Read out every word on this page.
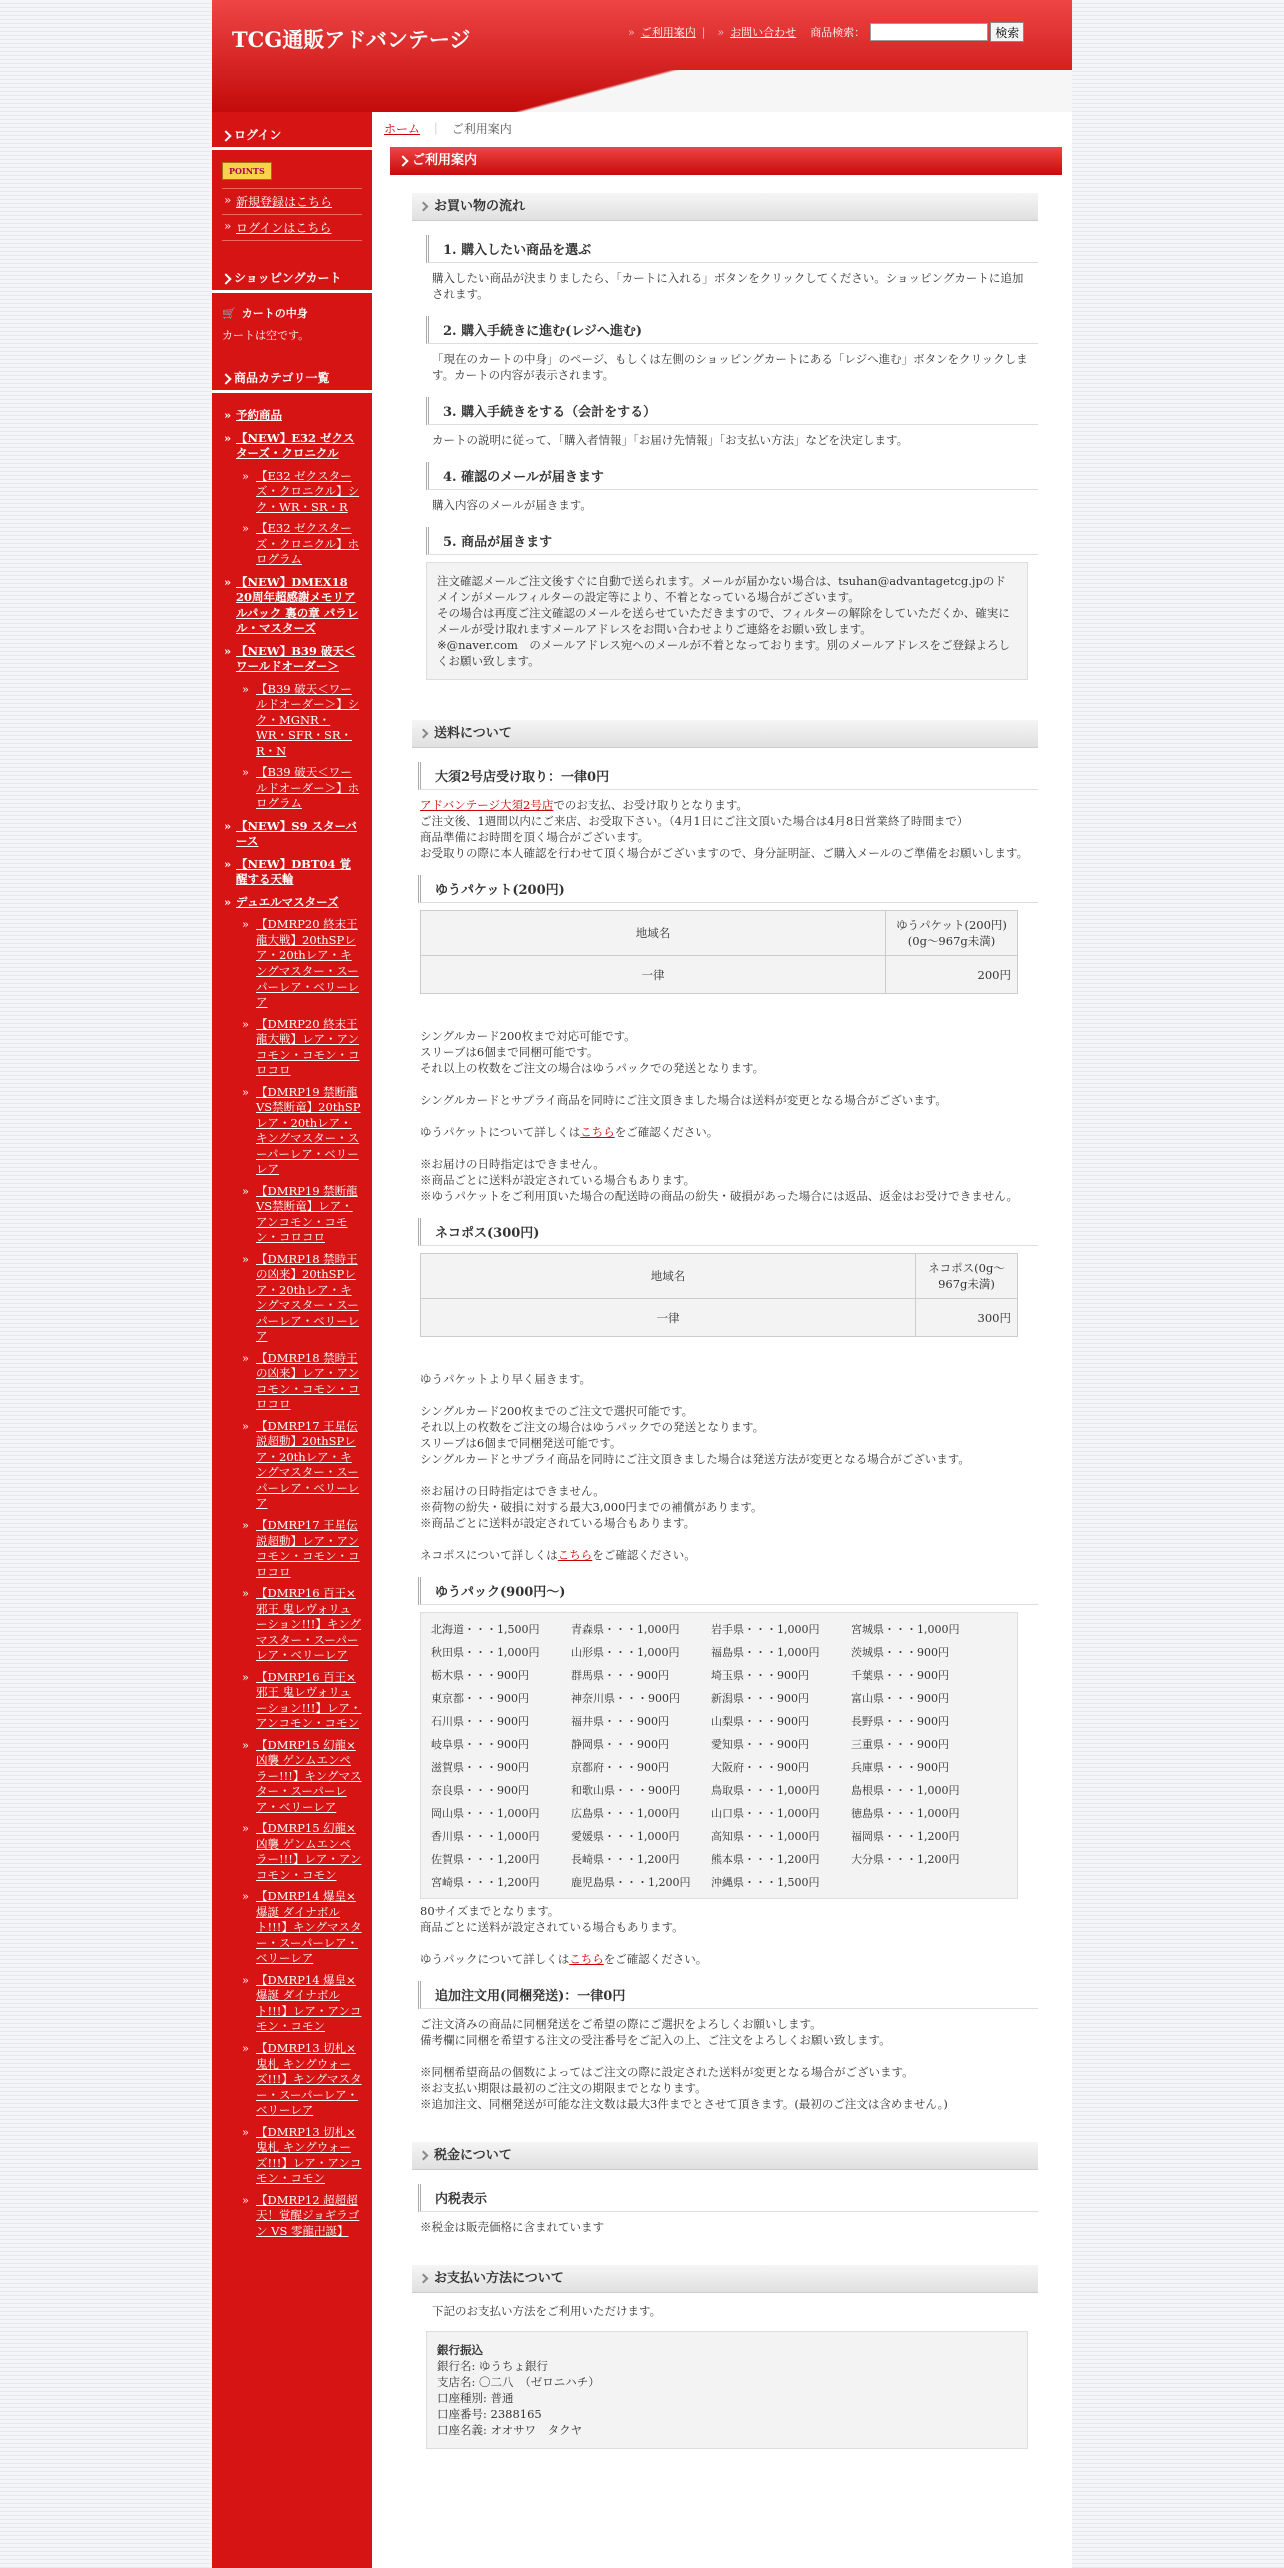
TCG通販アドバンテージ	» ご利用案内 | » お問い合わせ 商品検索：	検索
ログイン
POINTS
» 新規登録はこちら
» ログインはこちら
ショッピングカート
🛒 カートの中身
カートは空です。
商品カテゴリ一覧
» 予約商品
» 【NEW】E32 ゼクスターズ・クロニクル
» 【E32 ゼクスターズ・クロニクル】シク・WR・SR・R
» 【E32 ゼクスターズ・クロニクル】ホログラム
» 【NEW】DMEX18 20周年超感謝メモリアルパック 裏の章 パラレル・マスターズ
» 【NEW】B39 破天＜ワールドオーダー＞
» 【B39 破天＜ワールドオーダー＞】シク・MGNR・WR・SFR・SR・R・N
» 【B39 破天＜ワールドオーダー＞】ホログラム
» 【NEW】S9 スターバース
» 【NEW】DBT04 覚醒する天輪
» デュエルマスターズ
» 【DMRP20 終末王龍大戦】20thSPレア・20thレア・キングマスター・スーパーレア・ベリーレア
» 【DMRP20 終末王龍大戦】レア・アンコモン・コモン・コロコロ
» 【DMRP19 禁断龍VS禁断竜】20thSPレア・20thレア・キングマスター・スーパーレア・ベリーレア
» 【DMRP19 禁断龍VS禁断竜】レア・アンコモン・コモン・コロコロ
» 【DMRP18 禁時王の凶来】20thSPレア・20thレア・キングマスター・スーパーレア・ベリーレア
» 【DMRP18 禁時王の凶来】レア・アンコモン・コモン・コロコロ
» 【DMRP17 王星伝説超動】20thSPレア・20thレア・キングマスター・スーパーレア・ベリーレア
» 【DMRP17 王星伝説超動】レア・アンコモン・コモン・コロコロ
» 【DMRP16 百王×邪王 鬼レヴォリューション!!!】キングマスター・スーパーレア・ベリーレア
» 【DMRP16 百王×邪王 鬼レヴォリューション!!!】レア・アンコモン・コモン
» 【DMRP15 幻龍×凶襲 ゲンムエンペラー!!!】キングマスター・スーパーレア・ベリーレア
» 【DMRP15 幻龍×凶襲 ゲンムエンペラー!!!】レア・アンコモン・コモン
» 【DMRP14 爆皇×爆誕 ダイナボルト!!!】キングマスター・スーパーレア・ベリーレア
» 【DMRP14 爆皇×爆誕 ダイナボルト!!!】レア・アンコモン・コモン
» 【DMRP13 切札×鬼札 キングウォーズ!!!】キングマスター・スーパーレア・ベリーレア
» 【DMRP13 切札×鬼札 キングウォーズ!!!】レア・アンコモン・コモン
» 【DMRP12 超超超天！覚醒ジョギラゴン VS 零龍卍誕】
ホーム ｜ ご利用案内
ご利用案内
お買い物の流れ
1. 購入したい商品を選ぶ
購入したい商品が決まりましたら、「カートに入れる」ボタンをクリックしてください。ショッピングカートに追加されます。
2. 購入手続きに進む(レジへ進む)
「現在のカートの中身」のページ、もしくは左側のショッピングカートにある「レジへ進む」ボタンをクリックします。カートの内容が表示されます。
3. 購入手続きをする（会計をする）
カートの説明に従って、「購入者情報」「お届け先情報」「お支払い方法」などを決定します。
4. 確認のメールが届きます
購入内容のメールが届きます。
5. 商品が届きます
注文確認メールご注文後すぐに自動で送られます。メールが届かない場合は、tsuhan@advantagetcg.jpのドメインがメールフィルターの設定等により、不着となっている場合がございます。
その場合は再度ご注文確認のメールを送らせていただきますので、フィルターの解除をしていただくか、確実にメールが受け取れますメールアドレスをお問い合わせよりご連絡をお願い致します。
※@naver.com　のメールアドレス宛へのメールが不着となっております。別のメールアドレスをご登録よろしくお願い致します。
送料について
大須2号店受け取り：一律0円
アドバンテージ大須2号店でのお支払、お受け取りとなります。
ご注文後、1週間以内にご来店、お受取下さい。（4月1日にご注文頂いた場合は4月8日営業終了時間まで）
商品準備にお時間を頂く場合がございます。
お受取りの際に本人確認を行わせて頂く場合がございますので、身分証明証、ご購入メールのご準備をお願いします。
ゆうパケット(200円)
地域名	ゆうパケット(200円)(0g～967g未満)
一律	200円
シングルカード200枚まで対応可能です。
スリーブは6個まで同梱可能です。
それ以上の枚数をご注文の場合はゆうパックでの発送となります。
シングルカードとサプライ商品を同時にご注文頂きました場合は送料が変更となる場合がございます。
ゆうパケットについて詳しくはこちらをご確認ください。
※お届けの日時指定はできません。
※商品ごとに送料が設定されている場合もあります。
※ゆうパケットをご利用頂いた場合の配送時の商品の紛失・破損があった場合には返品、返金はお受けできません。
ネコポス(300円)
地域名	ネコポス(0g～967g未満)
一律	300円
ゆうパケットより早く届きます。
シングルカード200枚までのご注文で選択可能です。
それ以上の枚数をご注文の場合はゆうパックでの発送となります。
スリーブは6個まで同梱発送可能です。
シングルカードとサプライ商品を同時にご注文頂きました場合は発送方法が変更となる場合がございます。
※お届けの日時指定はできません。
※荷物の紛失・破損に対する最大3,000円までの補償があります。
※商品ごとに送料が設定されている場合もあります。
ネコポスについて詳しくはこちらをご確認ください。
ゆうパック(900円〜)
北海道・・・1,500円	青森県・・・1,000円	岩手県・・・1,000円	宮城県・・・1,000円
秋田県・・・1,000円	山形県・・・1,000円	福島県・・・1,000円	茨城県・・・900円
栃木県・・・900円	群馬県・・・900円	埼玉県・・・900円	千葉県・・・900円
東京都・・・900円	神奈川県・・・900円	新潟県・・・900円	富山県・・・900円
石川県・・・900円	福井県・・・900円	山梨県・・・900円	長野県・・・900円
岐阜県・・・900円	静岡県・・・900円	愛知県・・・900円	三重県・・・900円
滋賀県・・・900円	京都府・・・900円	大阪府・・・900円	兵庫県・・・900円
奈良県・・・900円	和歌山県・・・900円	鳥取県・・・1,000円	島根県・・・1,000円
岡山県・・・1,000円	広島県・・・1,000円	山口県・・・1,000円	徳島県・・・1,000円
香川県・・・1,000円	愛媛県・・・1,000円	高知県・・・1,000円	福岡県・・・1,200円
佐賀県・・・1,200円	長崎県・・・1,200円	熊本県・・・1,200円	大分県・・・1,200円
宮崎県・・・1,200円	鹿児島県・・・1,200円	沖縄県・・・1,500円
80サイズまでとなります。
商品ごとに送料が設定されている場合もあります。
ゆうパックについて詳しくはこちらをご確認ください。
追加注文用(同梱発送)：一律0円
ご注文済みの商品に同梱発送をご希望の際にご選択をよろしくお願いします。
備考欄に同梱を希望する注文の受注番号をご記入の上、ご注文をよろしくお願い致します。
※同梱希望商品の個数によってはご注文の際に設定された送料が変更となる場合がございます。
※お支払い期限は最初のご注文の期限までとなります。
※追加注文、同梱発送が可能な注文数は最大3件までとさせて頂きます。(最初のご注文は含めません。)
税金について
内税表示
※税金は販売価格に含まれています
お支払い方法について
下記のお支払い方法をご利用いただけます。
銀行振込
銀行名: ゆうちょ銀行
支店名: 〇二八　（ゼロニハチ）
口座種別: 普通
口座番号: 2388165
口座名義: オオサワ　タクヤ
